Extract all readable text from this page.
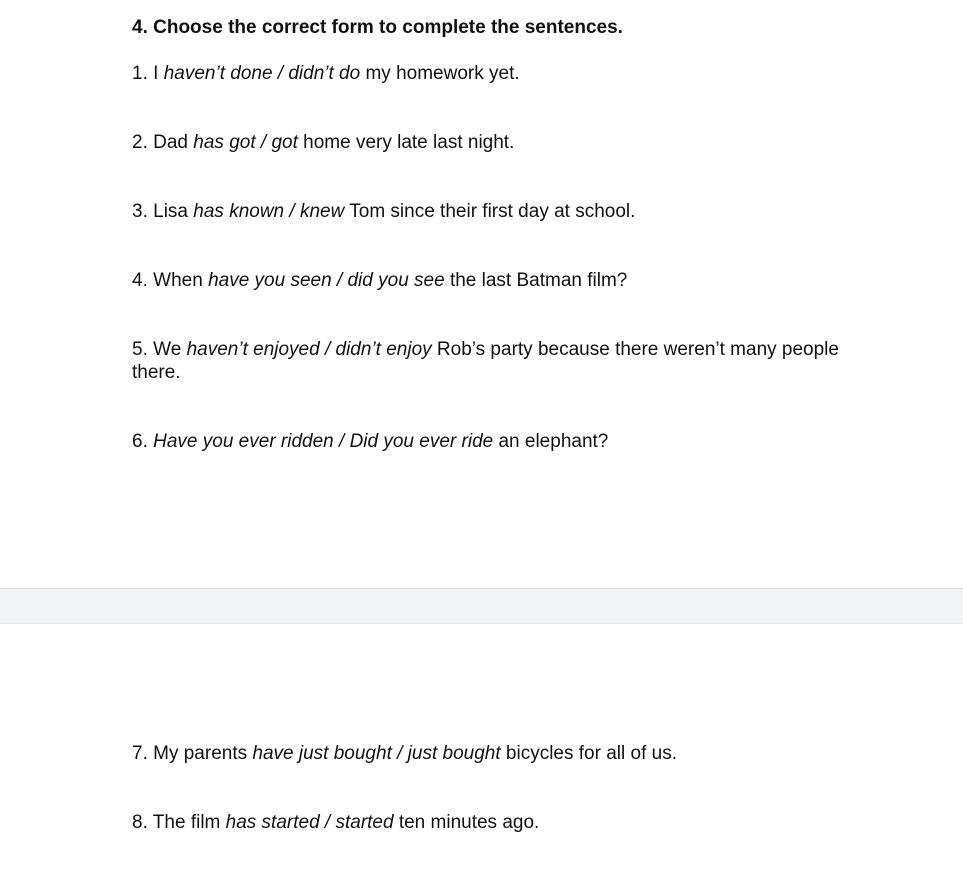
4. Choose the correct form to complete the sentences.
1. I haven’t done / didn’t do my homework yet.
2. Dad has got / got home very late last night.
3. Lisa has known / knew Tom since their first day at school.
4. When have you seen / did you see the last Batman film?
5. We haven’t enjoyed / didn’t enjoy Rob’s party because there weren’t many people there.
6. Have you ever ridden / Did you ever ride an elephant?
7. My parents have just bought / just bought bicycles for all of us.
8. The film has started / started ten minutes ago.
